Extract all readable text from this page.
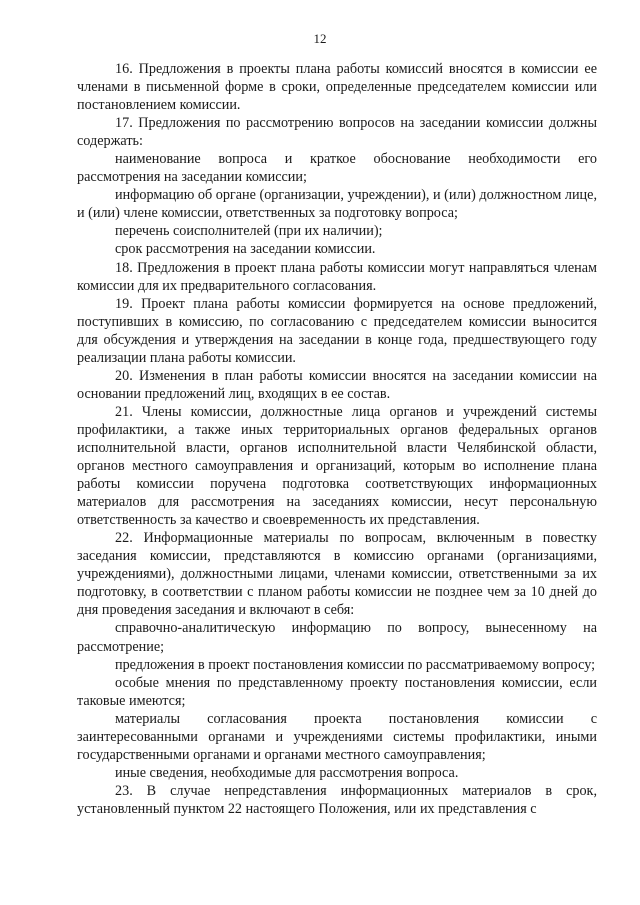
12

16. Предложения в проекты плана работы комиссий вносятся в комиссии ее членами в письменной форме в сроки, определенные председателем комиссии или постановлением комиссии.

17. Предложения по рассмотрению вопросов на заседании комиссии должны содержать:

наименование вопроса и краткое обоснование необходимости его рассмотрения на заседании комиссии;

информацию об органе (организации, учреждении), и (или) должностном лице, и (или) члене комиссии, ответственных за подготовку вопроса;

перечень соисполнителей (при их наличии);

срок рассмотрения на заседании комиссии.

18. Предложения в проект плана работы комиссии могут направляться членам комиссии для их предварительного согласования.

19. Проект плана работы комиссии формируется на основе предложений, поступивших в комиссию, по согласованию с председателем комиссии выносится для обсуждения и утверждения на заседании в конце года, предшествующего году реализации плана работы комиссии.

20. Изменения в план работы комиссии вносятся на заседании комиссии на основании предложений лиц, входящих в ее состав.

21. Члены комиссии, должностные лица органов и учреждений системы профилактики, а также иных территориальных органов федеральных органов исполнительной власти, органов исполнительной власти Челябинской области, органов местного самоуправления и организаций, которым во исполнение плана работы комиссии поручена подготовка соответствующих информационных материалов для рассмотрения на заседаниях комиссии, несут персональную ответственность за качество и своевременность их представления.

22. Информационные материалы по вопросам, включенным в повестку заседания комиссии, представляются в комиссию органами (организациями, учреждениями), должностными лицами, членами комиссии, ответственными за их подготовку, в соответствии с планом работы комиссии не позднее чем за 10 дней до дня проведения заседания и включают в себя:

справочно-аналитическую информацию по вопросу, вынесенному на рассмотрение;

предложения в проект постановления комиссии по рассматриваемому вопросу;

особые мнения по представленному проекту постановления комиссии, если таковые имеются;

материалы согласования проекта постановления комиссии с заинтересованными органами и учреждениями системы профилактики, иными государственными органами и органами местного самоуправления;

иные сведения, необходимые для рассмотрения вопроса.

23. В случае непредставления информационных материалов в срок, установленный пунктом 22 настоящего Положения, или их представления с
